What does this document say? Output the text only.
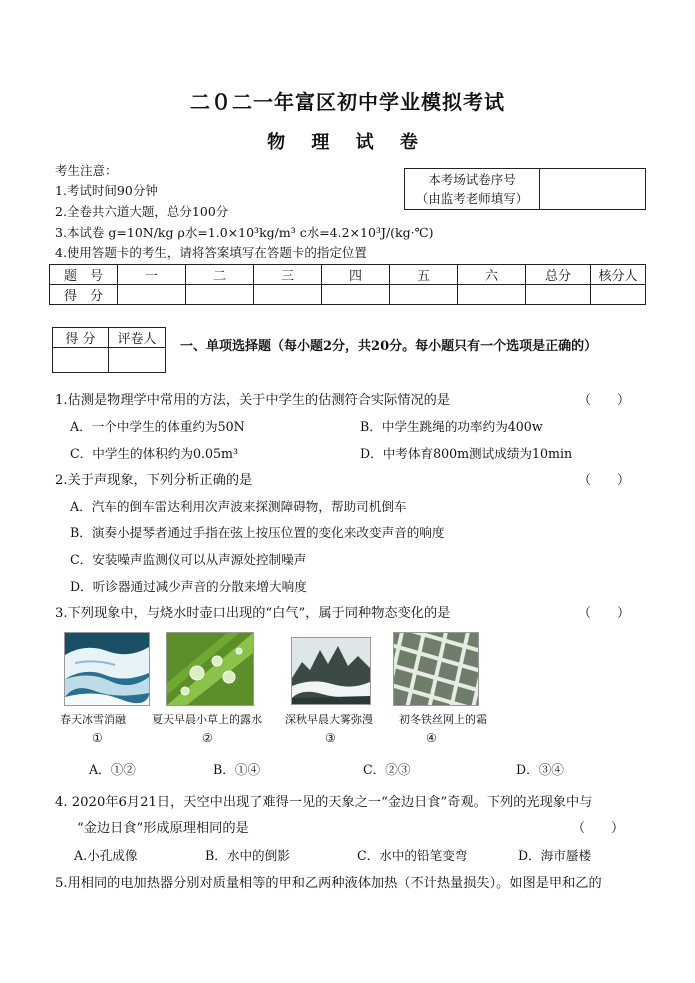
二０二一年富区初中学业模拟考试
物 理 试 卷
考生注意：
1.考试时间90分钟
2.全卷共六道大题，总分100分
3.本试卷 g=10N/kg ρ水=1.0×10³kg/m³ c水=4.2×10³J/(kg·℃)
4.使用答题卡的考生，请将答案填写在答题卡的指定位置
本考场试卷序号
（由监考老师填写）

题　号	一	二	三	四	五	六	总分	核分人
得　分								
得 分	评卷人
	一、单项选择题（每小题2分，共20分。每小题只有一个选项是正确的）
1.估测是物理学中常用的方法，关于中学生的估测符合实际情况的是	（　　）
A．一个中学生的体重约为50N	B．中学生跳绳的功率约为400w
C．中学生的体积约为0.05m³	D．中考体育800m测试成绩为10min
2.关于声现象，下列分析正确的是	（　　）
A．汽车的倒车雷达利用次声波来探测障碍物，帮助司机倒车
B．演奏小提琴者通过手指在弦上按压位置的变化来改变声音的响度
C．安装噪声监测仪可以从声源处控制噪声
D．听诊器通过减少声音的分散来增大响度
3.下列现象中，与烧水时壶口出现的“白气”，属于同种物态变化的是	（　　）
春天冰雪消融 夏天早晨小草上的露水 深秋早晨大雾弥漫 初冬铁丝网上的霜
①	②	③	④
A．①②	B．①④	C．②③	D．③④
4. 2020年6月21日，天空中出现了难得一见的天象之一“金边日食”奇观。下列的光现象中与
“金边日食”形成原理相同的是	（　　）
A.小孔成像	B．水中的倒影	C．水中的铅笔变弯	D．海市蜃楼
5.用相同的电加热器分别对质量相等的甲和乙两种液体加热（不计热量损失）。如图是甲和乙的
